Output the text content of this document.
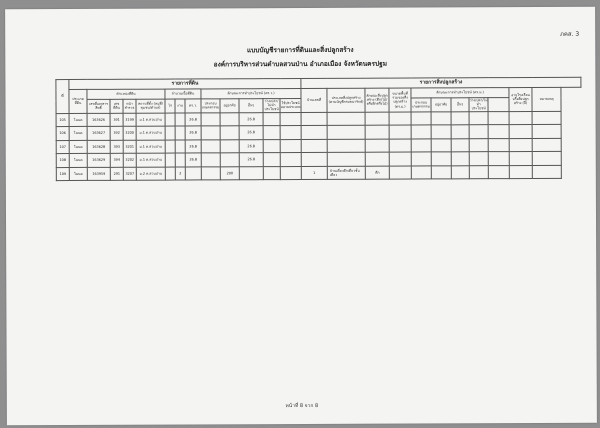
ภคส. 3
แบบบัญชีรายการที่ดินและสิ่งปลูกสร้าง
องค์การบริหารส่วนตำบลสวนป่าน อำเภอเมือง จังหวัดนครปฐม
ที่	รายการที่ดิน													รายการสิ่งปลูกสร้าง										
	ประเภทที่ดิน	ตำแหน่งที่ดิน				จำนวนเนื้อที่ดิน			ลักษณะการทำประโยชน์ (ตร.ว.)					บ้านเลขที่	ประเภทสิ่งปลูกสร้าง (ตามบัญชีกรมธนารักษ์)	ลักษณะสิ่งปลูกสร้าง (ตึก/ไม้/ครึ่งตึกครึ่งไม้)	ขนาดพื้นที่รวมของสิ่งปลูกสร้าง (ตร.ม.)	ลักษณะการทำประโยชน์ (ตร.ม.)					อายุโรงเรือนหรือสิ่งปลูกสร้าง (ปี)	หมายเหตุ
		เลขที่เอกสารสิทธิ์	เลขที่ดิน	หน้าสำรวจ	สถานที่ตั้ง (หมู่ที่/ชุมชน/ตำบล)	ไร่	งาน	ตร.ว.	ประกอบเกษตรกรรม	อยู่อาศัย	อื่นๆ	ว่างเปล่า/ไม่ทำประโยชน์	ใช้ประโยชน์หลายประเภท					ประกอบเกษตรกรรม	อยู่อาศัย	อื่นๆ	ว่างเปล่า/ไม่ทำประโยชน์			

105	โฉนด	163626	391	3199	ม.1 ต.สวนป่าน			26.8			26.8													
106	โฉนด	163627	392	3200	ม.1 ต.สวนป่าน			26.8			26.8													
107	โฉนด	163628	393	3201	ม.1 ต.สวนป่าน			26.8			26.8													
108	โฉนด	163629	394	3202	ม.1 ต.สวนป่าน			26.8			26.8													
109	โฉนด	163959	291	3207	ม.2 ต.สวนป่าน		2			200				1	บ้านเดี่ยวตึกเดี่ยวชั้นเดียว	ตึก								
หน้าที่ 8 จาก 8
